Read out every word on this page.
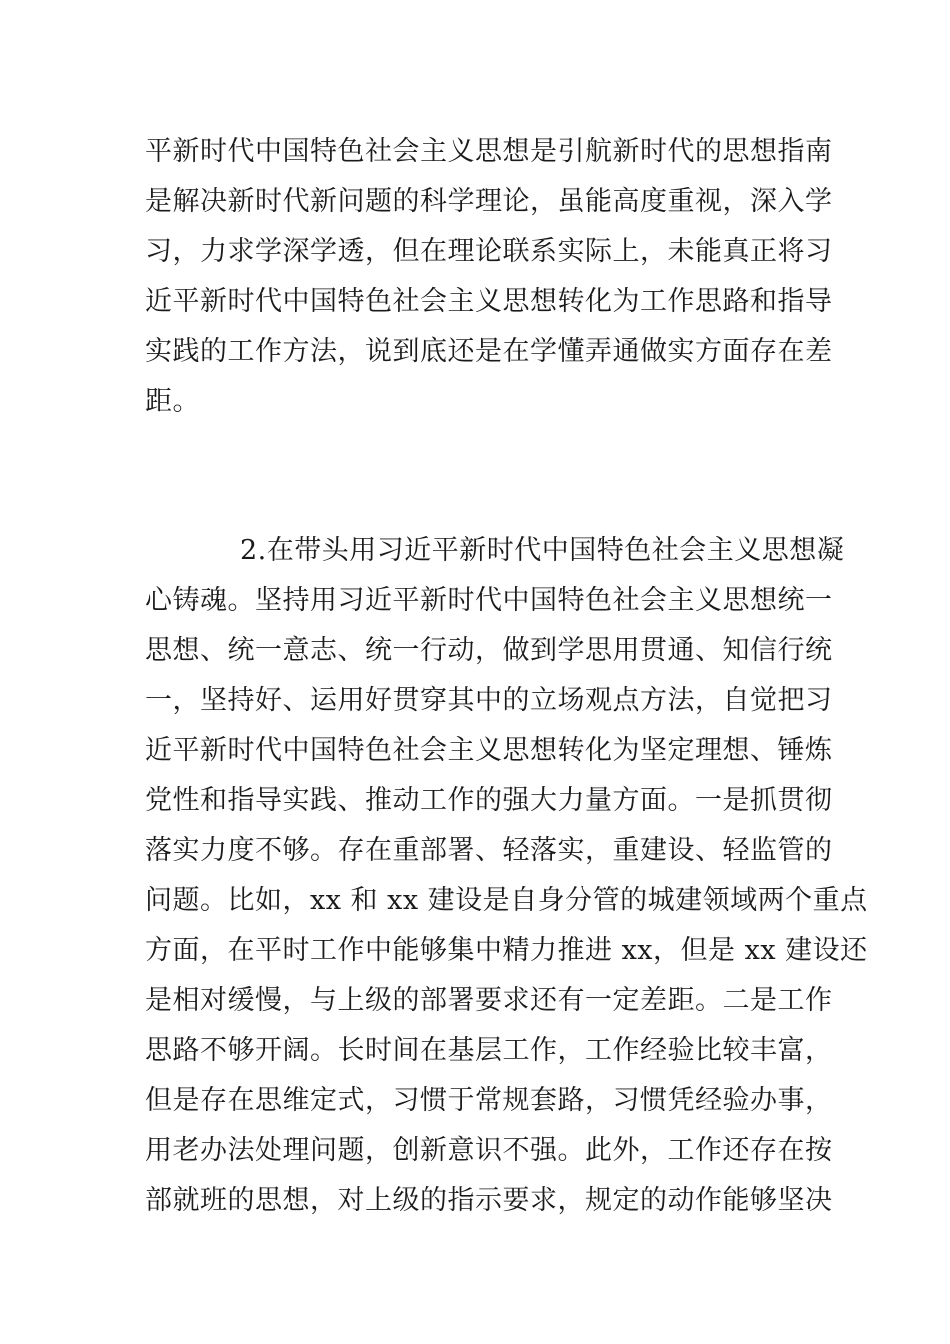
平新时代中国特色社会主义思想是引航新时代的思想指南
是解决新时代新问题的科学理论，虽能高度重视，深入学
习，力求学深学透，但在理论联系实际上，未能真正将习
近平新时代中国特色社会主义思想转化为工作思路和指导
实践的工作方法，说到底还是在学懂弄通做实方面存在差
距。
2.在带头用习近平新时代中国特色社会主义思想凝
心铸魂。坚持用习近平新时代中国特色社会主义思想统一
思想、统一意志、统一行动，做到学思用贯通、知信行统
一，坚持好、运用好贯穿其中的立场观点方法，自觉把习
近平新时代中国特色社会主义思想转化为坚定理想、锤炼
党性和指导实践、推动工作的强大力量方面。一是抓贯彻
落实力度不够。存在重部署、轻落实，重建设、轻监管的
问题。比如，xx 和 xx 建设是自身分管的城建领域两个重点
方面，在平时工作中能够集中精力推进 xx，但是 xx 建设还
是相对缓慢，与上级的部署要求还有一定差距。二是工作
思路不够开阔。长时间在基层工作，工作经验比较丰富，
但是存在思维定式，习惯于常规套路，习惯凭经验办事，
用老办法处理问题，创新意识不强。此外，工作还存在按
部就班的思想，对上级的指示要求，规定的动作能够坚决
